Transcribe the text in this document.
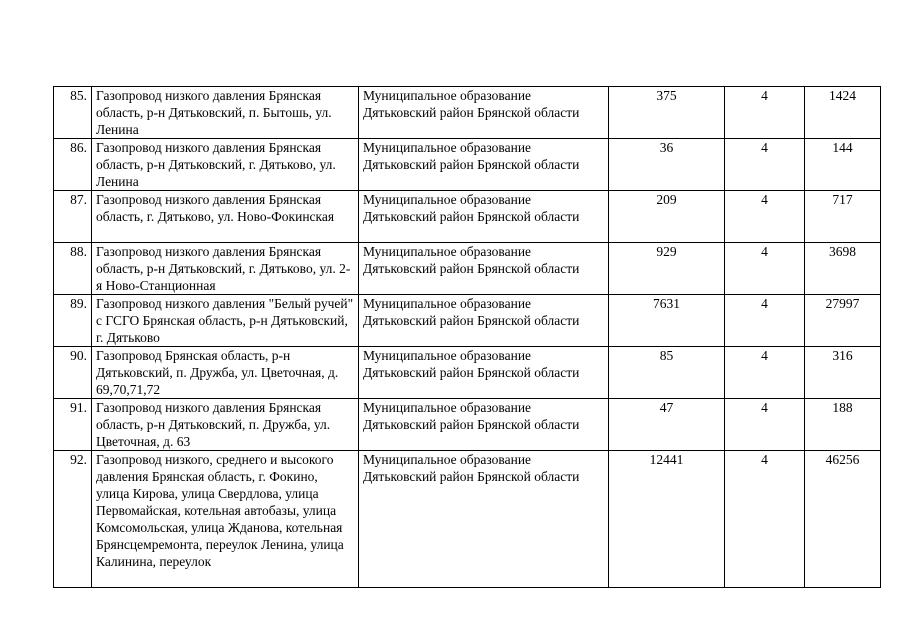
85.	Газопровод низкого давления Брянская область, р-н Дятьковский, п. Бытошь, ул. Ленина	Муниципальное образование Дятьковский район Брянской области	375	4	1424
86.	Газопровод низкого давления Брянская область, р-н Дятьковский, г. Дятьково, ул. Ленина	Муниципальное образование Дятьковский район Брянской области	36	4	144
87.	Газопровод низкого давления Брянская область, г. Дятьково, ул. Ново-Фокинская	Муниципальное образование Дятьковский район Брянской области	209	4	717
88.	Газопровод низкого давления Брянская область, р-н Дятьковский, г. Дятьково, ул. 2-я Ново-Станционная	Муниципальное образование Дятьковский район Брянской области	929	4	3698
89.	Газопровод низкого давления "Белый ручей" с ГСГО Брянская область, р-н Дятьковский, г. Дятьково	Муниципальное образование Дятьковский район Брянской области	7631	4	27997
90.	Газопровод Брянская область, р-н Дятьковский, п. Дружба, ул. Цветочная, д. 69,70,71,72	Муниципальное образование Дятьковский район Брянской области	85	4	316
91.	Газопровод низкого давления Брянская область, р-н Дятьковский, п. Дружба, ул. Цветочная, д. 63	Муниципальное образование Дятьковский район Брянской области	47	4	188
92.	Газопровод низкого, среднего и высокого давления Брянская область, г. Фокино, улица Кирова, улица Свердлова, улица Первомайская, котельная автобазы, улица Комсомольская, улица Жданова, котельная Брянсцемремонта, переулок Ленина, улица Калинина, переулок	Муниципальное образование Дятьковский район Брянской области	12441	4	46256
